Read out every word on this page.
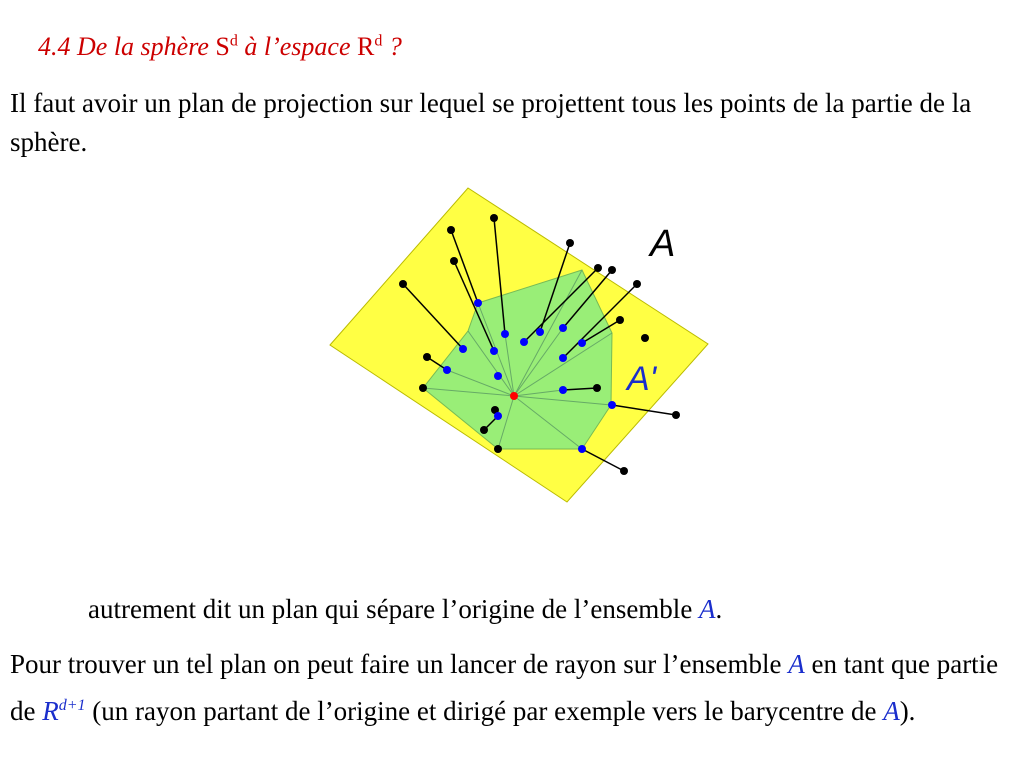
4.4 De la sphère $S^d$ à l’espace $R^d$ ?
Il faut avoir un plan de projection sur lequel se projettent tous les points de la partie de la sphère.
A
A'
autrement dit un plan qui sépare l’origine de l’ensemble A.
Pour trouver un tel plan on peut faire un lancer de rayon sur l’ensemble A en tant que partie de $R^{d+1}$ (un rayon partant de l’origine et dirigé par exemple vers le barycentre de A).
